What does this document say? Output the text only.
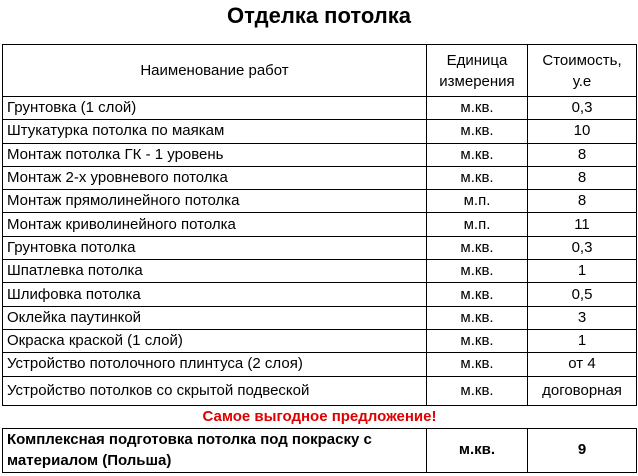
Отделка потолка
Наименование работ	Единица измерения	Стоимость, у.е
Грунтовка (1 слой)	м.кв.	0,3
Штукатурка потолка по маякам	м.кв.	10
Монтаж потолка ГК - 1 уровень	м.кв.	8
Монтаж 2-х уровневого потолка	м.кв.	8
Монтаж прямолинейного потолка	м.п.	8
Монтаж криволинейного потолка	м.п.	11
Грунтовка потолка	м.кв.	0,3
Шпатлевка потолка	м.кв.	1
Шлифовка потолка	м.кв.	0,5
Оклейка паутинкой	м.кв.	3
Окраска краской (1 слой)	м.кв.	1
Устройство потолочного плинтуса (2 слоя)	м.кв.	от 4
Устройство потолков со скрытой подвеской	м.кв.	договорная
Самое выгодное предложение!		
Комплексная подготовка потолка под покраску с материалом (Польша)	м.кв.	9
